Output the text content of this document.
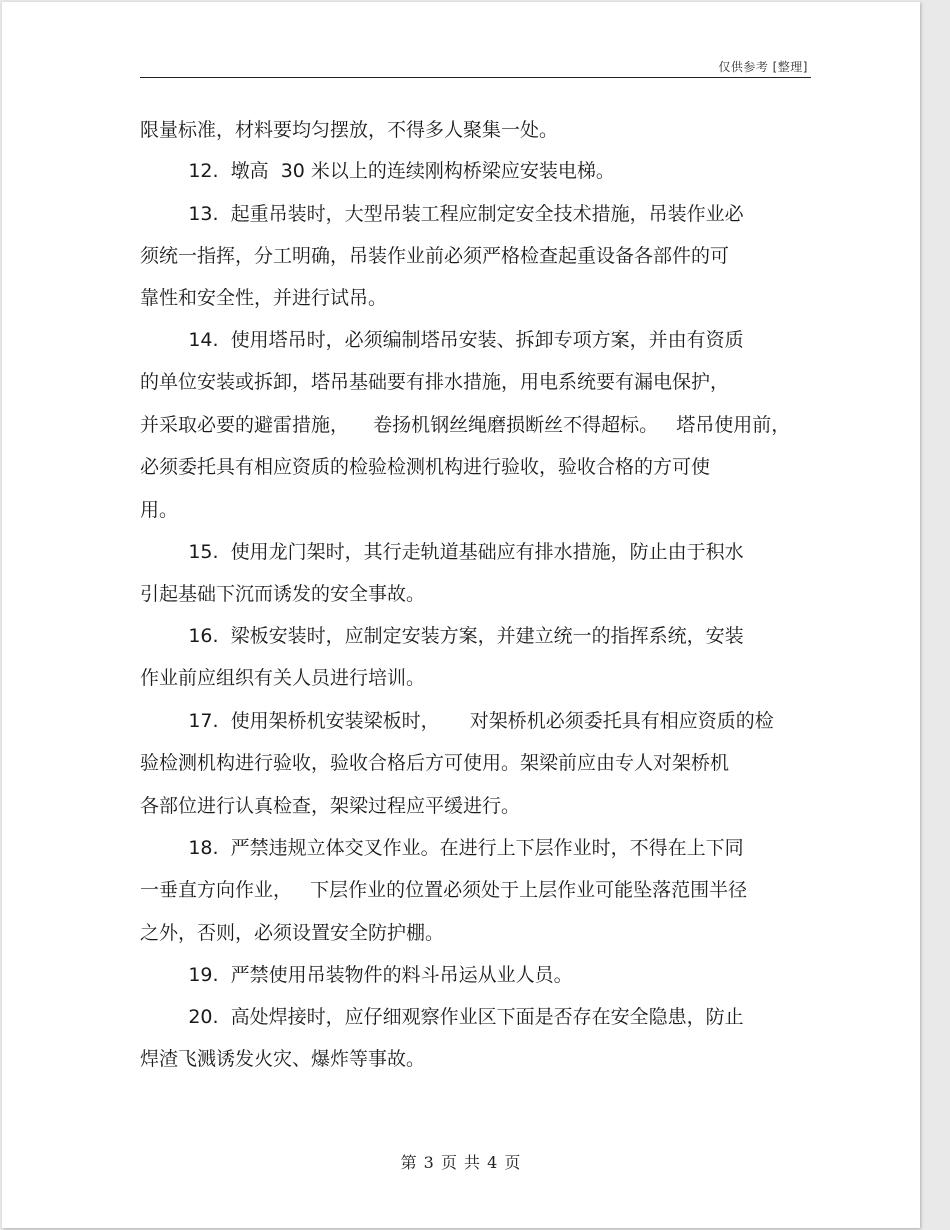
仅供参考 [整理]
限量标准，材料要均匀摆放，不得多人聚集一处。
12.  墩高  30 米以上的连续刚构桥梁应安装电梯。
13.  起重吊装时，大型吊装工程应制定安全技术措施，吊装作业必
须统一指挥，分工明确，吊装作业前必须严格检查起重设备各部件的可
靠性和安全性，并进行试吊。
14.  使用塔吊时，必须编制塔吊安装、拆卸专项方案，并由有资质
的单位安装或拆卸，塔吊基础要有排水措施，用电系统要有漏电保护，
并采取必要的避雷措施，    卷扬机钢丝绳磨损断丝不得超标。   塔吊使用前，
必须委托具有相应资质的检验检测机构进行验收，验收合格的方可使
用。
15.  使用龙门架时，其行走轨道基础应有排水措施，防止由于积水
引起基础下沉而诱发的安全事故。
16.  梁板安装时，应制定安装方案，并建立统一的指挥系统，安装
作业前应组织有关人员进行培训。
17.  使用架桥机安装梁板时，     对架桥机必须委托具有相应资质的检
验检测机构进行验收，验收合格后方可使用。架梁前应由专人对架桥机
各部位进行认真检查，架梁过程应平缓进行。
18.  严禁违规立体交叉作业。在进行上下层作业时，不得在上下同
一垂直方向作业，   下层作业的位置必须处于上层作业可能坠落范围半径
之外，否则，必须设置安全防护棚。
19.  严禁使用吊装物件的料斗吊运从业人员。
20.  高处焊接时，应仔细观察作业区下面是否存在安全隐患，防止
焊渣飞溅诱发火灾、爆炸等事故。
第 3 页 共 4 页
